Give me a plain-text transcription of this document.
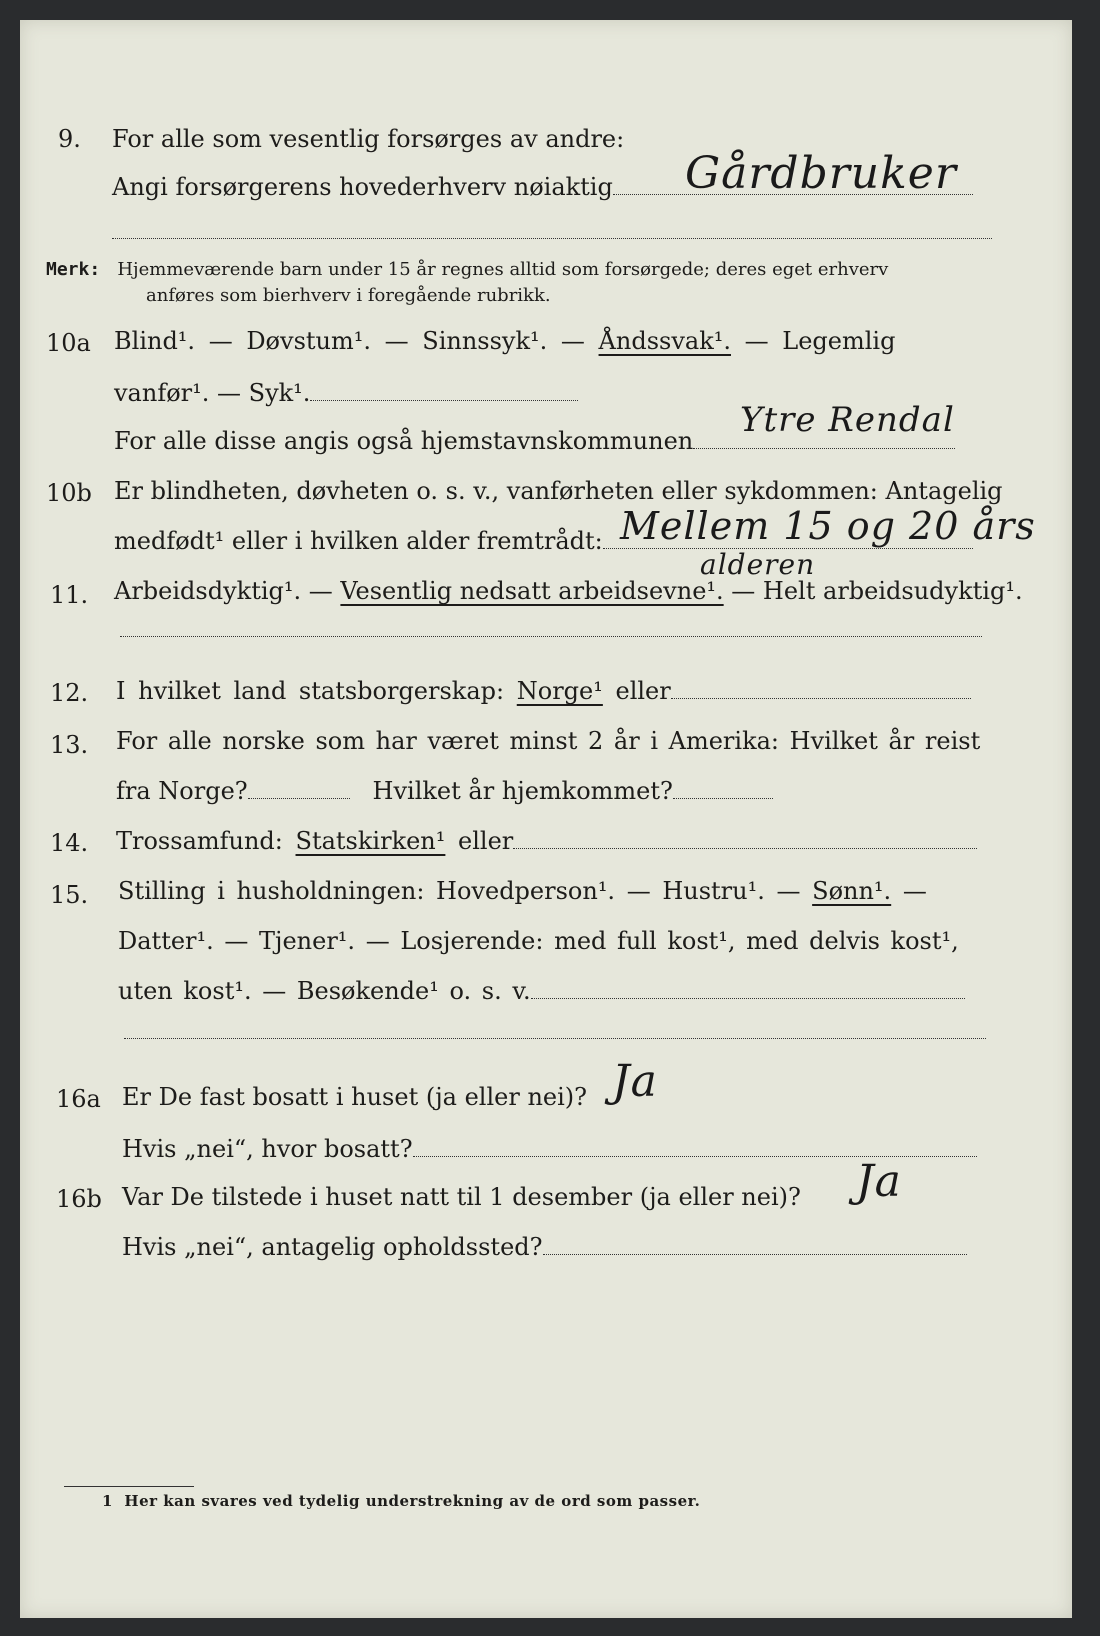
9. For alle som vesentlig forsørges av andre:
Angi forsørgerens hovederhverv nøiaktig	Gårdbruker
Merk: Hjemmeværende barn under 15 år regnes alltid som forsørgede; deres eget erhverv
anføres som bierhverv i foregående rubrikk.
10a Blind¹. — Døvstum¹. — Sinnssyk¹. — Åndssvak¹. — Legemlig
vanfør¹. — Syk¹.
For alle disse angis også hjemstavnskommunen
Ytre Rendal
10b Er blindheten, døvheten o. s. v., vanførheten eller sykdommen: Antagelig
medfødt¹ eller i hvilken alder fremtrådt: Mellem 15 og 20 års
alderen
11. Arbeidsdyktig¹. — Vesentlig nedsatt arbeidsevne¹. — Helt arbeidsudyktig¹.
12. I hvilket land statsborgerskap: Norge¹ eller
13. For alle norske som har været minst 2 år i Amerika: Hvilket år reist
fra Norge?	Hvilket år hjemkommet?
14. Trossamfund: Statskirken¹ eller
15. Stilling i husholdningen: Hovedperson¹. — Hustru¹. — Sønn¹. —
Datter¹. — Tjener¹. — Losjerende: med full kost¹, med delvis kost¹,
uten kost¹. — Besøkende¹ o. s. v.
16a Er De fast bosatt i huset (ja eller nei)? Ja
Hvis „nei“, hvor bosatt?
16b Var De tilstede i huset natt til 1 desember (ja eller nei)? Ja
Hvis „nei“, antagelig opholdssted?
1 Her kan svares ved tydelig understrekning av de ord som passer.
